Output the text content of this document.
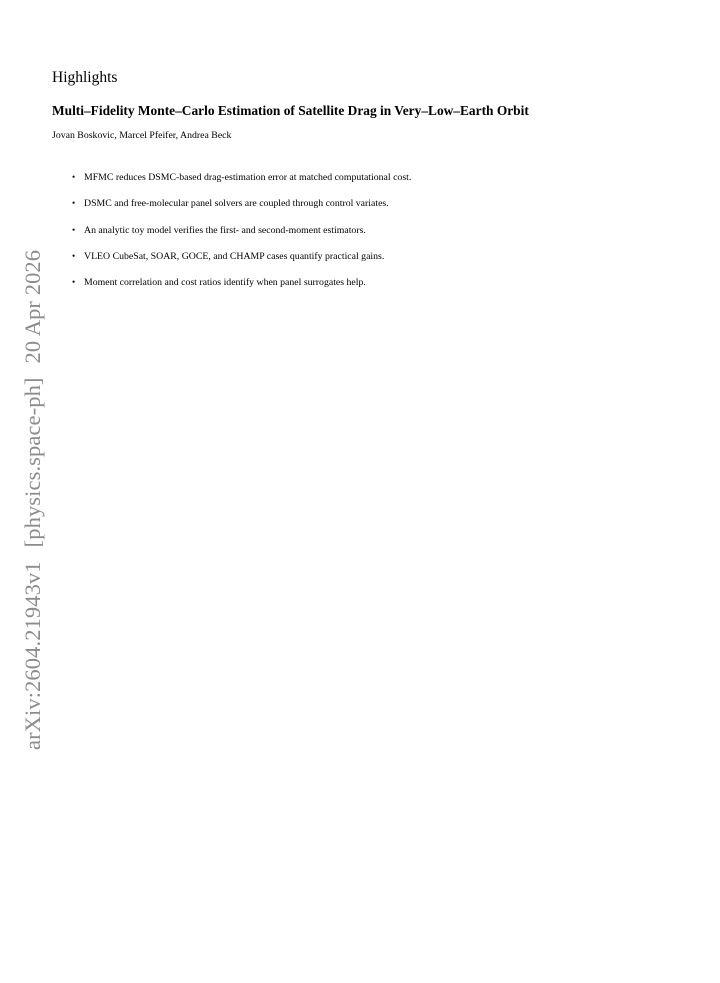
Highlights
Multi–Fidelity Monte–Carlo Estimation of Satellite Drag in Very–Low–Earth Orbit

Jovan Boskovic, Marcel Pfeifer, Andrea Beck

• MFMC reduces DSMC-based drag-estimation error at matched computational cost.
• DSMC and free-molecular panel solvers are coupled through control variates.
• An analytic toy model verifies the first- and second-moment estimators.
• VLEO CubeSat, SOAR, GOCE, and CHAMP cases quantify practical gains.
• Moment correlation and cost ratios identify when panel surrogates help.
arXiv:2604.21943v1[physics.space-ph]20 Apr 2026
